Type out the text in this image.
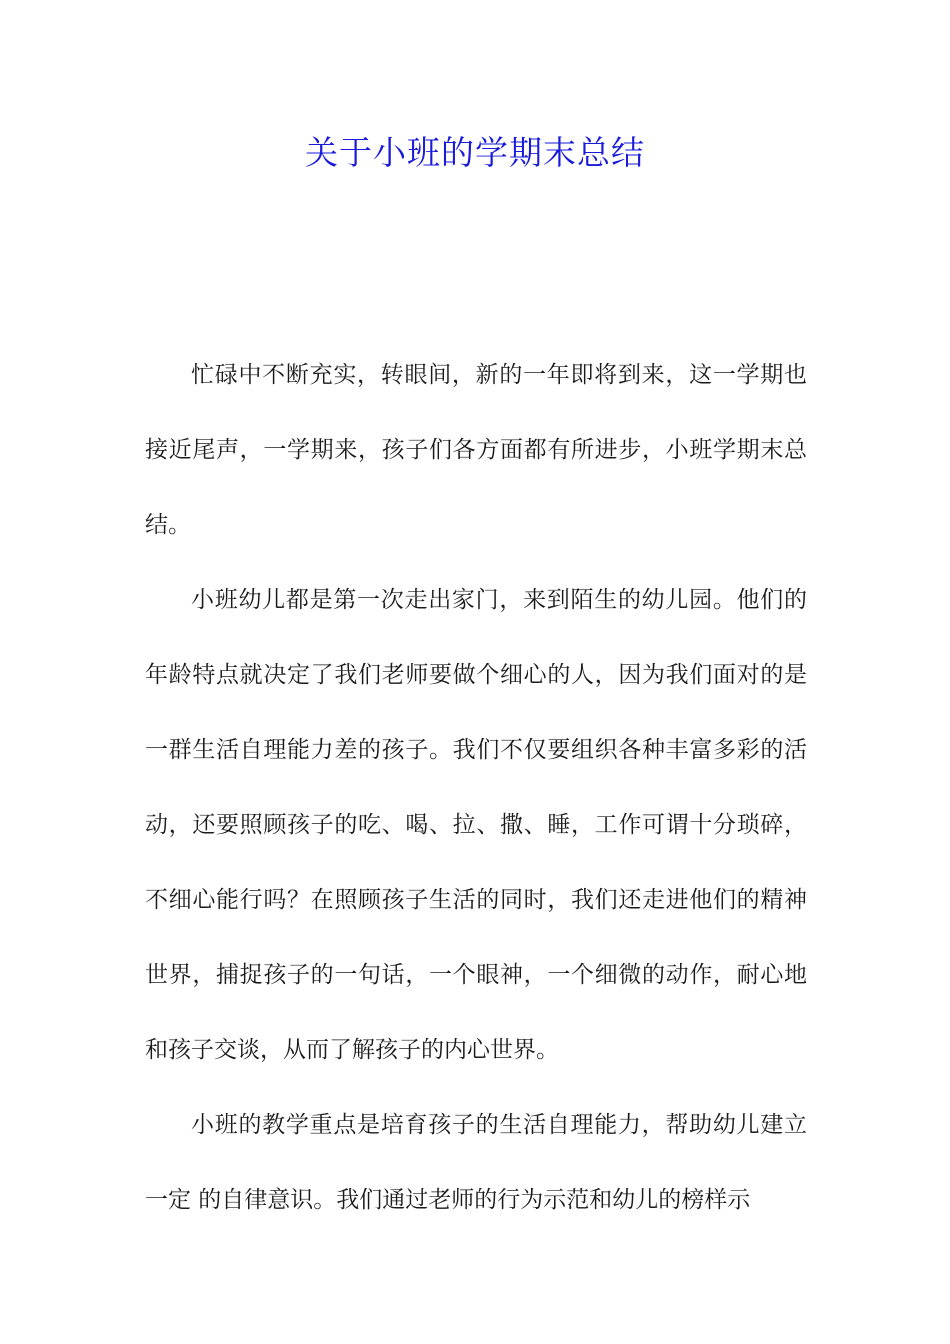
关于小班的学期末总结

忙碌中不断充实，转眼间，新的一年即将到来，这一学期也接近尾声，一学期来，孩子们各方面都有所进步，小班学期末总结。

小班幼儿都是第一次走出家门，来到陌生的幼儿园。他们的年龄特点就决定了我们老师要做个细心的人，因为我们面对的是一群生活自理能力差的孩子。我们不仅要组织各种丰富多彩的活动，还要照顾孩子的吃、喝、拉、撒、睡，工作可谓十分琐碎，不细心能行吗？在照顾孩子生活的同时，我们还走进他们的精神世界，捕捉孩子的一句话，一个眼神，一个细微的动作，耐心地和孩子交谈，从而了解孩子的内心世界。

小班的教学重点是培育孩子的生活自理能力，帮助幼儿建立一定 的自律意识。我们通过老师的行为示范和幼儿的榜样示
